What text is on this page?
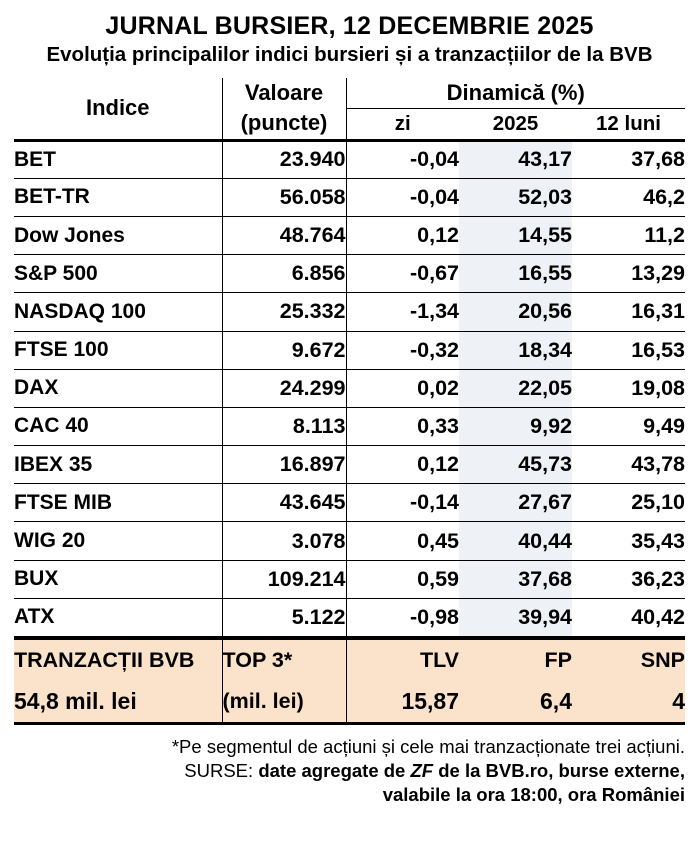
JURNAL BURSIER, 12 DECEMBRIE 2025
Evoluția principalilor indici bursieri și a tranzacțiilor de la BVB
Indice	Valoare	Dinamică (%)		
	(puncte)	zi	2025	12 luni
BET	23.940	-0,04	43,17	37,68
BET-TR	56.058	-0,04	52,03	46,2
Dow Jones	48.764	0,12	14,55	11,2
S&P 500	6.856	-0,67	16,55	13,29
NASDAQ 100	25.332	-1,34	20,56	16,31
FTSE 100	9.672	-0,32	18,34	16,53
DAX	24.299	0,02	22,05	19,08
CAC 40	8.113	0,33	9,92	9,49
IBEX 35	16.897	0,12	45,73	43,78
FTSE MIB	43.645	-0,14	27,67	25,10
WIG 20	3.078	0,45	40,44	35,43
BUX	109.214	0,59	37,68	36,23
ATX	5.122	-0,98	39,94	40,42
TRANZACȚII BVB	TOP 3*	TLV	FP	SNP
54,8 mil. lei	(mil. lei)	15,87	6,4	4
*Pe segmentul de acțiuni și cele mai tranzacționate trei acțiuni.
SURSE: date agregate de ZF de la BVB.ro, burse externe,
valabile la ora 18:00, ora României
